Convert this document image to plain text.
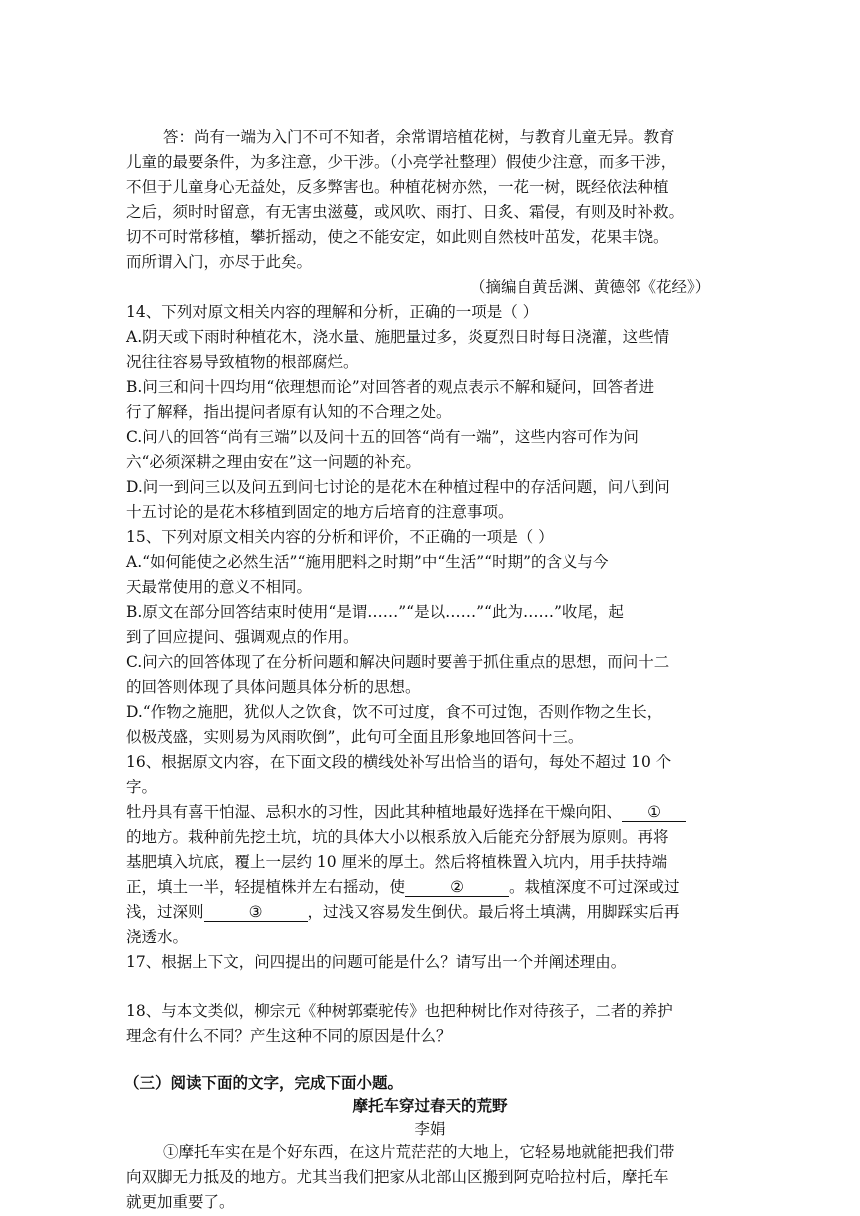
答：尚有一端为入门不可不知者，余常谓培植花树，与教育儿童无异。教育
儿童的最要条件，为多注意，少干涉。（小亮学社整理）假使少注意，而多干涉，
不但于儿童身心无益处，反多弊害也。种植花树亦然，一花一树，既经依法种植
之后，须时时留意，有无害虫滋蔓，或风吹、雨打、日炙、霜侵，有则及时补救。
切不可时常移植，攀折摇动，使之不能安定，如此则自然枝叶茁发，花果丰饶。
而所谓入门，亦尽于此矣。
（摘编自黄岳渊、黄德邻《花经》）
14、下列对原文相关内容的理解和分析，正确的一项是（ ）
A.阴天或下雨时种植花木，浇水量、施肥量过多，炎夏烈日时每日浇灌，这些情
况往往容易导致植物的根部腐烂。
B.问三和问十四均用“依理想而论”对回答者的观点表示不解和疑问，回答者进
行了解释，指出提问者原有认知的不合理之处。
C.问八的回答“尚有三端”以及问十五的回答“尚有一端”，这些内容可作为问
六“必须深耕之理由安在”这一问题的补充。
D.问一到问三以及问五到问七讨论的是花木在种植过程中的存活问题，问八到问
十五讨论的是花木移植到固定的地方后培育的注意事项。
15、下列对原文相关内容的分析和评价，不正确的一项是（ ）
A.“如何能使之必然生活”“施用肥料之时期”中“生活”“时期”的含义与今
天最常使用的意义不相同。
B.原文在部分回答结束时使用“是谓……”“是以……”“此为……”收尾，起
到了回应提问、强调观点的作用。
C.问六的回答体现了在分析问题和解决问题时要善于抓住重点的思想，而问十二
的回答则体现了具体问题具体分析的思想。
D.“作物之施肥，犹似人之饮食，饮不可过度，食不可过饱，否则作物之生长，
似极茂盛，实则易为风雨吹倒”，此句可全面且形象地回答问十三。
16、根据原文内容，在下面文段的横线处补写出恰当的语句，每处不超过 10 个
字。
牡丹具有喜干怕湿、忌积水的习性，因此其种植地最好选择在干燥向阳、 ①
的地方。栽种前先挖土坑，坑的具体大小以根系放入后能充分舒展为原则。再将
基肥填入坑底，覆上一层约 10 厘米的厚土。然后将植株置入坑内，用手扶持端
正，填土一半，轻提植株并左右摇动，使	②	。栽植深度不可过深或过
浅，过深则	③	，过浅又容易发生倒伏。最后将土填满，用脚踩实后再
浇透水。
17、根据上下文，问四提出的问题可能是什么？请写出一个并阐述理由。
18、与本文类似，柳宗元《种树郭橐驼传》也把种树比作对待孩子，二者的养护
理念有什么不同？产生这种不同的原因是什么？
（三）阅读下面的文字，完成下面小题。
摩托车穿过春天的荒野
李娟
①摩托车实在是个好东西，在这片荒茫茫的大地上，它轻易地就能把我们带
向双脚无力抵及的地方。尤其当我们把家从北部山区搬到阿克哈拉村后，摩托车
就更加重要了。
